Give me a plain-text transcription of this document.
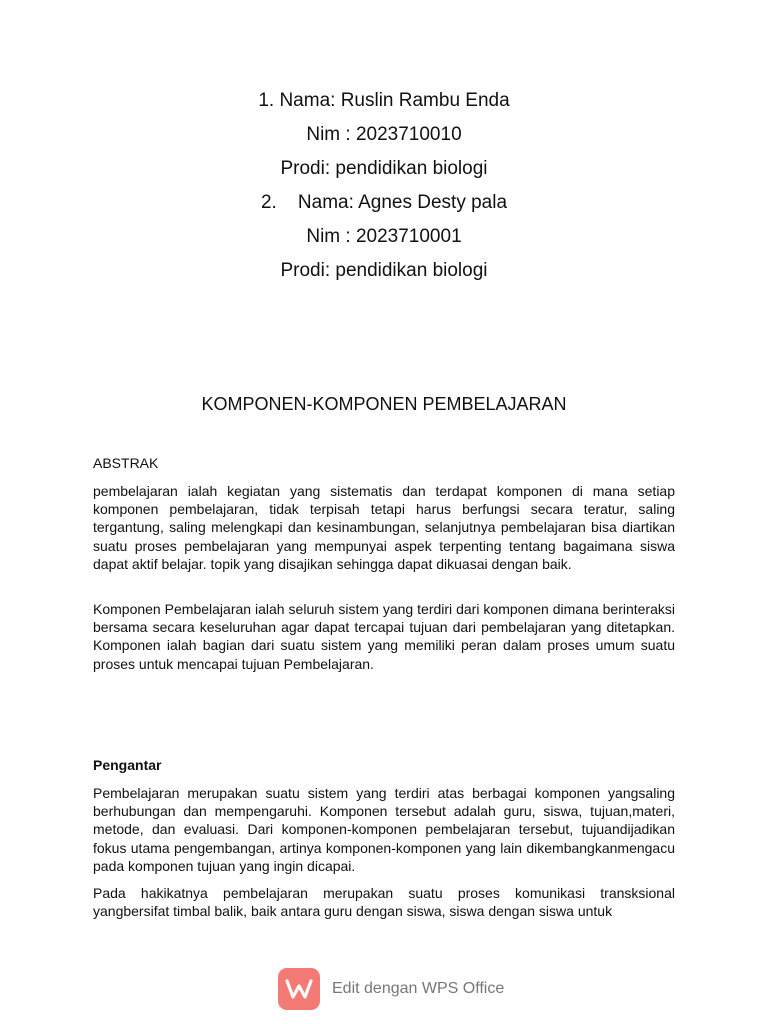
1. Nama: Ruslin Rambu Enda
Nim : 2023710010
Prodi: pendidikan biologi
2.    Nama: Agnes Desty pala
Nim : 2023710001
Prodi: pendidikan biologi
KOMPONEN-KOMPONEN PEMBELAJARAN
ABSTRAK
pembelajaran ialah kegiatan yang sistematis dan terdapat komponen di mana setiap komponen pembelajaran, tidak terpisah tetapi harus berfungsi secara teratur, saling tergantung, saling melengkapi dan kesinambungan, selanjutnya pembelajaran bisa diartikan suatu proses pembelajaran yang mempunyai aspek terpenting tentang bagaimana siswa dapat aktif belajar. topik yang disajikan sehingga dapat dikuasai dengan baik.
Komponen Pembelajaran ialah seluruh sistem yang terdiri dari komponen dimana berinteraksi bersama secara keseluruhan agar dapat tercapai tujuan dari pembelajaran yang ditetapkan. Komponen ialah bagian dari suatu sistem yang memiliki peran dalam proses umum suatu proses untuk mencapai tujuan Pembelajaran.
Pengantar
Pembelajaran merupakan suatu sistem yang terdiri atas berbagai komponen yangsaling berhubungan dan mempengaruhi. Komponen tersebut adalah guru, siswa, tujuan,materi, metode, dan evaluasi. Dari komponen-komponen pembelajaran tersebut, tujuandijadikan fokus utama pengembangan, artinya komponen-komponen yang lain dikembangkanmengacu pada komponen tujuan yang ingin dicapai.
Pada hakikatnya pembelajaran merupakan suatu proses komunikasi transksional yangbersifat timbal balik, baik antara guru dengan siswa, siswa dengan siswa untuk
Edit dengan WPS Office
